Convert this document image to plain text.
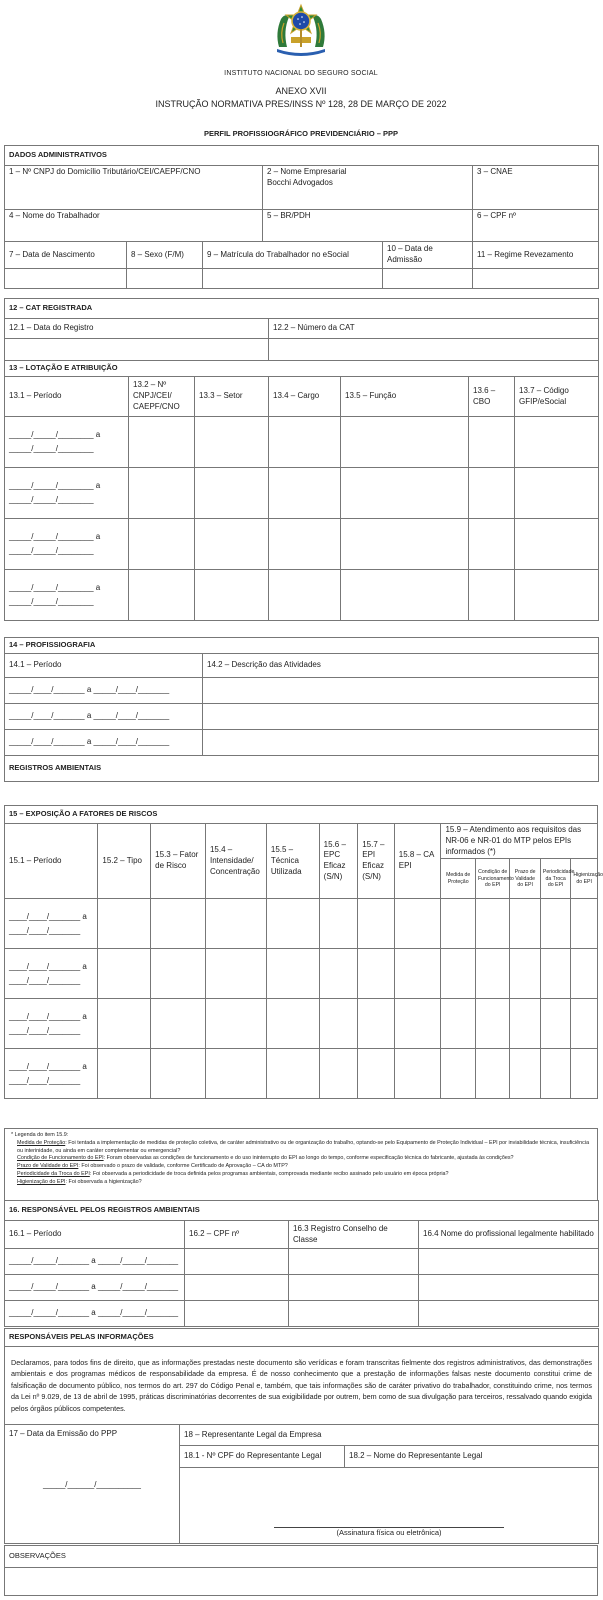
INSTITUTO NACIONAL DO SEGURO SOCIAL
ANEXO XVII
INSTRUÇÃO NORMATIVA PRES/INSS Nº 128, 28 DE MARÇO DE 2022
PERFIL PROFISSIOGRÁFICO PREVIDENCIÁRIO – PPP
DADOS ADMINISTRATIVOS					
1 – Nº CNPJ do Domicílio Tributário/CEI/CAEPF/CNO			2 – Nome Empresarial
Bocchi Advogados		3 – CNAE
4 – Nome do Trabalhador			5 – BR/PDH		6 – CPF nº
7 – Data de Nascimento	8 – Sexo (F/M)	9 – Matrícula do Trabalhador no eSocial		10 – Data de Admissão	11 – Regime Revezamento

12 – CAT REGISTRADA	
12.1 – Data do Registro	12.2 – Número da CAT

13 – LOTAÇÃO E ATRIBUIÇÃO						
13.1 – Período	13.2 – Nº CNPJ/CEI/ CAEPF/CNO	13.3 – Setor	13.4 – Cargo	13.5 – Função	13.6 – CBO	13.7 – Código GFIP/eSocial
_____/_____/________ a
_____/_____/________						
_____/_____/________ a
_____/_____/________						
_____/_____/________ a
_____/_____/________						
_____/_____/________ a
_____/_____/________						
14 – PROFISSIOGRAFIA	
14.1 – Período	14.2 – Descrição das Atividades
_____/____/_______ a _____/____/_______	
_____/____/_______ a _____/____/_______	
_____/____/_______ a _____/____/_______	
REGISTROS AMBIENTAIS	
15 – EXPOSIÇÃO A FATORES DE RISCOS												
15.1 – Período	15.2 – Tipo	15.3 – Fator de Risco	15.4 – Intensidade/ Concentração	15.5 – Técnica Utilizada	15.6 – EPC Eficaz (S/N)	15.7 – EPI Eficaz (S/N)	15.8 – CA EPI	15.9 – Atendimento aos requisitos das NR-06 e NR-01 do MTP pelos EPIs informados (*)				
								Medida de Proteção	Condição de Funcionamento do EPI	Prazo de Validade do EPI	Periodicidade da Troca do EPI	Higienização do EPI
____/____/_______ a
____/____/_______												
____/____/_______ a
____/____/_______												
____/____/_______ a
____/____/_______												
____/____/_______ a
____/____/_______												
* Legenda do item 15.9:
Medida de Proteção: Foi tentada a implementação de medidas de proteção coletiva, de caráter administrativo ou de organização do trabalho, optando-se pelo Equipamento de Proteção Individual – EPI por inviabilidade técnica, insuficiência ou interinidade, ou ainda em caráter complementar ou emergencial?
Condição de Funcionamento do EPI: Foram observadas as condições de funcionamento e do uso ininterrupto do EPI ao longo do tempo, conforme especificação técnica do fabricante, ajustada às condições?
Prazo de Validade do EPI: Foi observado o prazo de validade, conforme Certificado de Aprovação – CA do MTP?
Periodicidade da Troca do EPI: Foi observada a periodicidade de troca definida pelos programas ambientais, comprovada mediante recibo assinado pelo usuário em época própria?
Higienização do EPI: Foi observada a higienização?
16. RESPONSÁVEL PELOS REGISTROS AMBIENTAIS			
16.1 – Período	16.2 – CPF nº	16.3 Registro Conselho de Classe	16.4 Nome do profissional legalmente habilitado
_____/_____/_______ a _____/_____/_______			
_____/_____/_______ a _____/_____/_______			
_____/_____/_______ a _____/_____/_______			
RESPONSÁVEIS PELAS INFORMAÇÕES		
Declaramos, para todos fins de direito, que as informações prestadas neste documento são verídicas e foram transcritas fielmente dos registros administrativos, das demonstrações ambientais e dos programas médicos de responsabilidade da empresa. É de nosso conhecimento que a prestação de informações falsas neste documento constitui crime de falsificação de documento público, nos termos do art. 297 do Código Penal e, também, que tais informações são de caráter privativo do trabalhador, constituindo crime, nos termos da Lei nº 9.029, de 13 de abril de 1995, práticas discriminatórias decorrentes de sua exigibilidade por outrem, bem como de sua divulgação para terceiros, ressalvado quando exigida pelos órgãos públicos competentes.		

17 – Data da Emissão do PPP
_____/______/__________	18 – Representante Legal da Empresa	
	18.1 - Nº CPF do Representante Legal	18.2 – Nome do Representante Legal

(Assinatura física ou eletrônica)	
OBSERVAÇÕES
